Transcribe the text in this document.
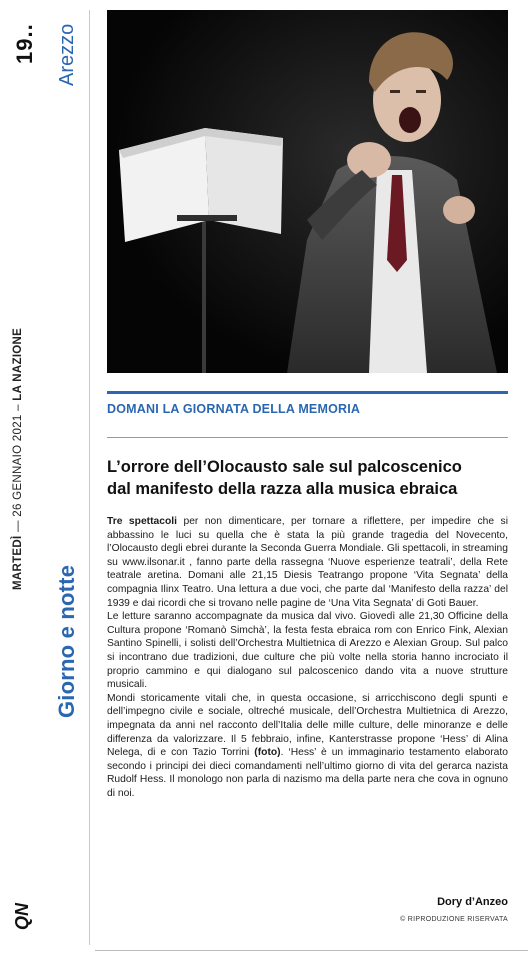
19..
MARTEDÌ — 26 GENNAIO 2021 – LA NAZIONE
Arezzo
Giorno e notte
QN
DOMANI LA GIORNATA DELLA MEMORIA
L’orrore dell’Olocausto sale sul palcoscenico
dal manifesto della razza alla musica ebraica

Tre spettacoli per non dimenticare, per tornare a riflettere, per impedire che si abbassino le luci su quella che è stata la più grande tragedia del Novecento, l’Olocausto degli ebrei durante la Seconda Guerra Mondiale. Gli spettacoli, in streaming su www.ilsonar.it , fanno parte della rassegna ‘Nuove esperienze teatrali’, della Rete teatrale aretina. Domani alle 21,15 Diesis Teatrango propone ‘Vita Segnata’ della compagnia Ilinx Teatro. Una lettura a due voci, che parte dal ‘Manifesto della razza’ del 1939 e dai ricordi che si trovano nelle pagine de ‘Una Vita Segnata’ di Goti Bauer.

Le letture saranno accompagnate da musica dal vivo. Giovedì alle 21,30 Officine della Cultura propone ‘Romanò Simchà’, la festa festa ebraica rom con Enrico Fink, Alexian Santino Spinelli, i solisti dell’Orchestra Multietnica di Arezzo e Alexian Group. Sul palco si incontrano due tradizioni, due culture che più volte nella storia hanno incrociato il proprio cammino e qui dialogano sul palcoscenico dando vita a nuove strutture musicali.

Mondi storicamente vitali che, in questa occasione, si arricchiscono degli spunti e dell’impegno civile e sociale, oltreché musicale, dell’Orchestra Multietnica di Arezzo, impegnata da anni nel racconto dell’Italia delle mille culture, delle minoranze e delle differenza da valorizzare. Il 5 febbraio, infine, Kanterstrasse propone ‘Hess’ di Alina Nelega, di e con Tazio Torrini (foto). ‘Hess’ è un immaginario testamento elaborato secondo i principi dei dieci comandamenti nell’ultimo giorno di vita del gerarca nazista Rudolf Hess. Il monologo non parla di nazismo ma della parte nera che cova in ognuno di noi.

Dory d’Anzeo
© RIPRODUZIONE RISERVATA
